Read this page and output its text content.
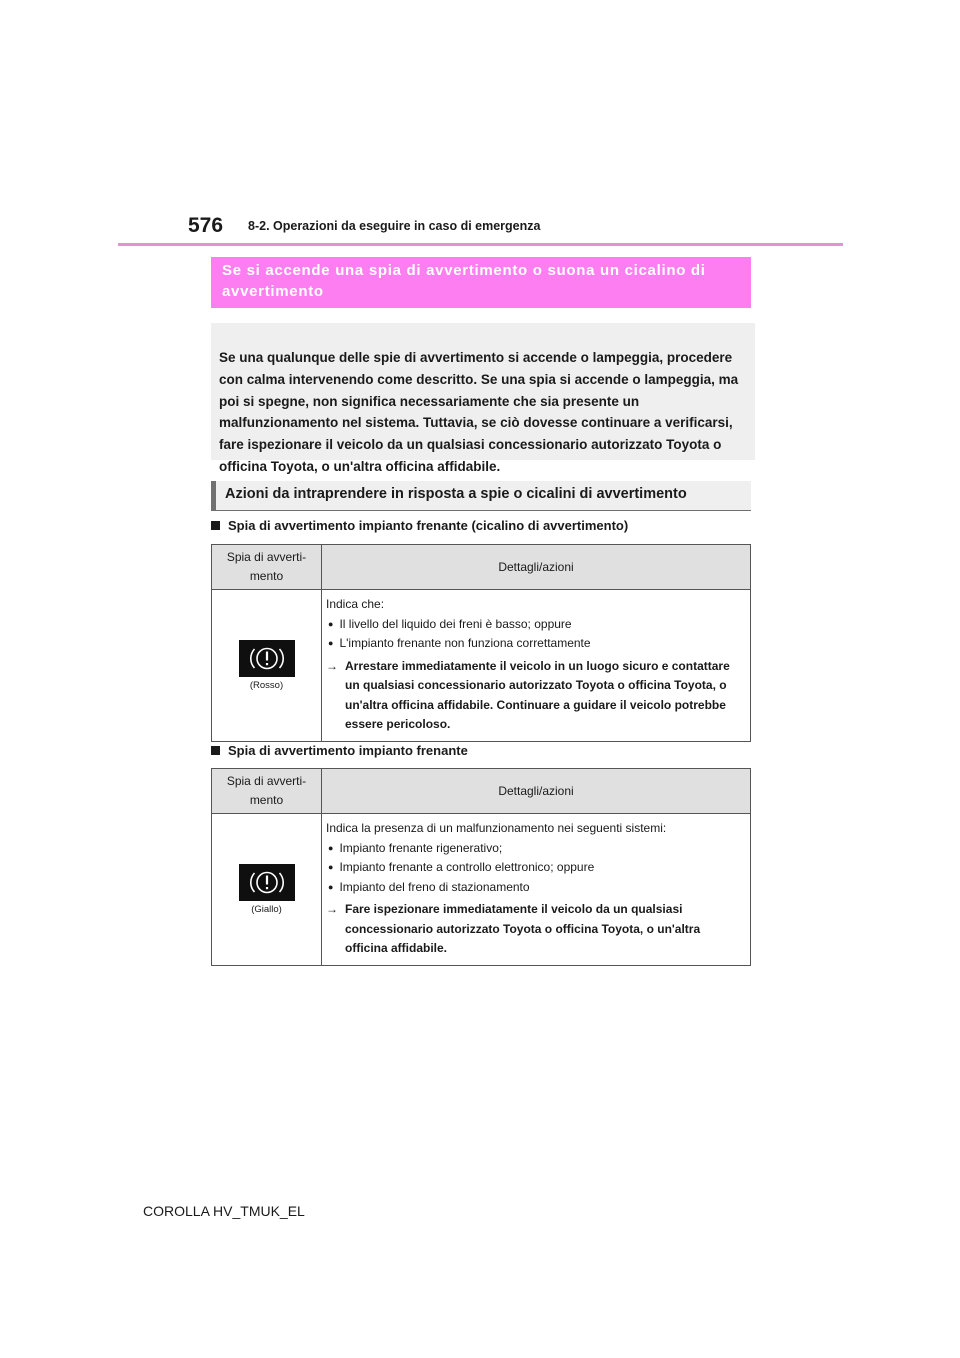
576 8-2. Operazioni da eseguire in caso di emergenza
Se si accende una spia di avvertimento o suona un cicalino di avvertimento

Se una qualunque delle spie di avvertimento si accende o lampeggia, procedere con calma intervenendo come descritto. Se una spia si accende o lampeggia, ma poi si spegne, non significa necessariamente che sia presente un malfunzionamento nel sistema. Tuttavia, se ciò dovesse continuare a verificarsi, fare ispezionare il veicolo da un qualsiasi concessionario autorizzato Toyota o officina Toyota, o un'altra officina affidabile.

Azioni da intraprendere in risposta a spie o cicalini di avvertimento
Spia di avvertimento impianto frenante (cicalino di avvertimento)
Spia di avverti-mento	Dettagli/azioni

(Rosso)	Indica che:
● Il livello del liquido dei freni è basso; oppure
● L'impianto frenante non funziona correttamente
→ Arrestare immediatamente il veicolo in un luogo sicuro e contattare un qualsiasi concessionario autorizzato Toyota o officina Toyota, o un'altra officina affidabile. Continuare a guidare il veicolo potrebbe essere pericoloso.
Spia di avvertimento impianto frenante
Spia di avverti-mento	Dettagli/azioni

(Giallo)	Indica la presenza di un malfunzionamento nei seguenti sistemi:
● Impianto frenante rigenerativo;
● Impianto frenante a controllo elettronico; oppure
● Impianto del freno di stazionamento
→ Fare ispezionare immediatamente il veicolo da un qualsiasi concessionario autorizzato Toyota o officina Toyota, o un'altra officina affidabile.
COROLLA HV_TMUK_EL
